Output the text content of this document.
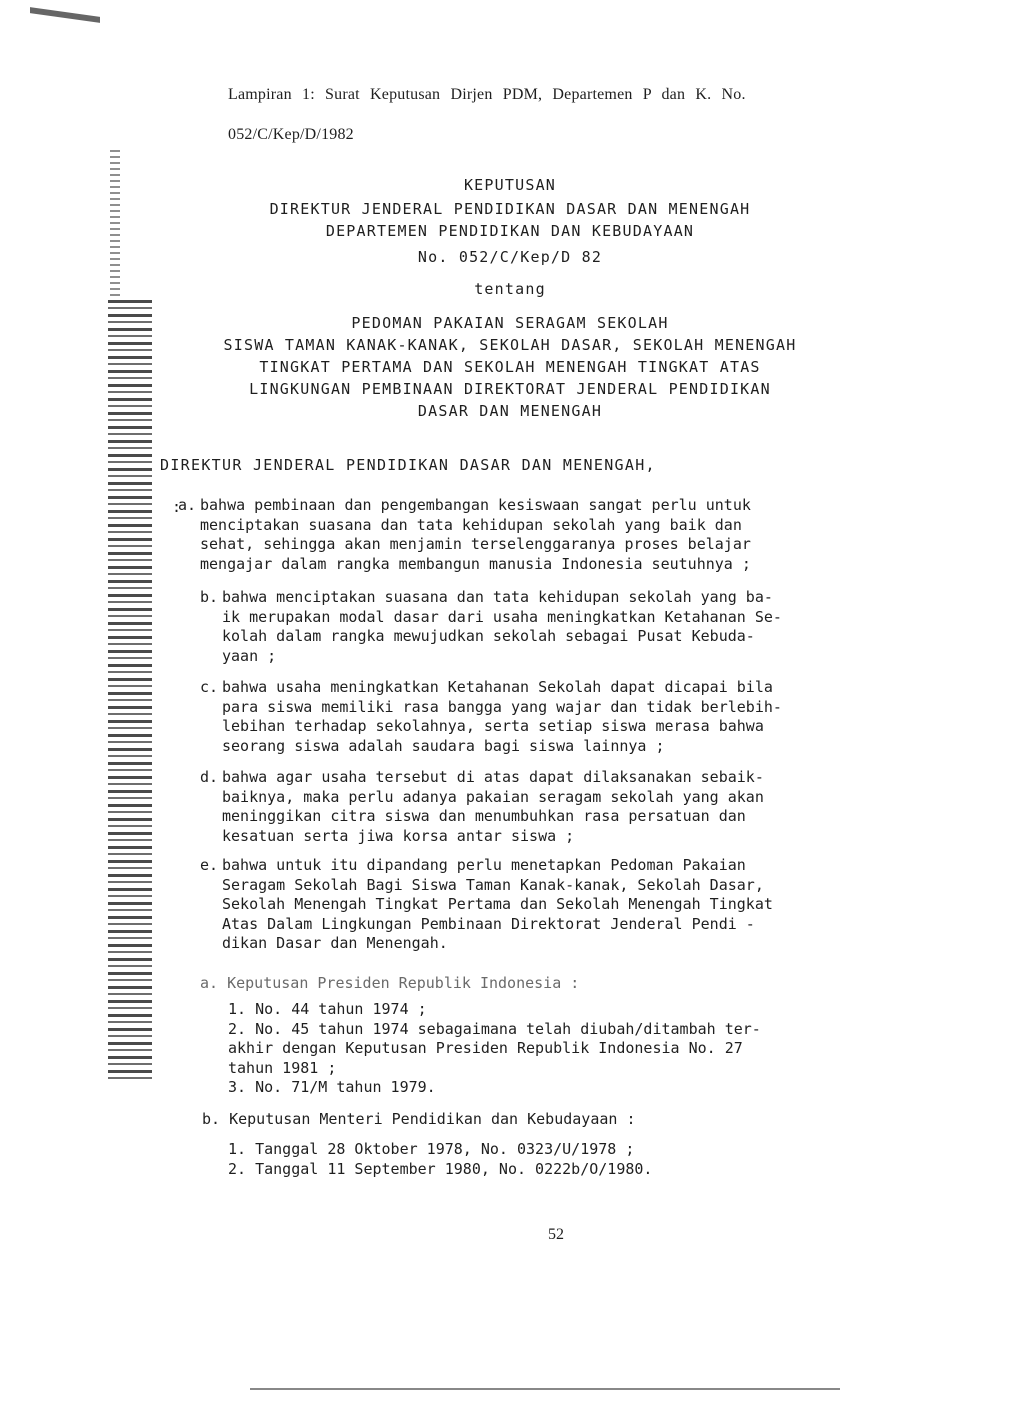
Lampiran 1: Surat Keputusan Dirjen PDM, Departemen P dan K. No.
052/C/Kep/D/1982
KEPUTUSAN
DIREKTUR JENDERAL PENDIDIKAN DASAR DAN MENENGAH
DEPARTEMEN PENDIDIKAN DAN KEBUDAYAAN
No. 052/C/Kep/D 82
tentang
PEDOMAN PAKAIAN SERAGAM SEKOLAH
SISWA TAMAN KANAK-KANAK, SEKOLAH DASAR, SEKOLAH MENENGAH
TINGKAT PERTAMA DAN SEKOLAH MENENGAH TINGKAT ATAS
LINGKUNGAN PEMBINAAN DIREKTORAT JENDERAL PENDIDIKAN
DASAR DAN MENENGAH
DIREKTUR JENDERAL PENDIDIKAN DASAR DAN MENENGAH,
:
a. bahwa pembinaan dan pengembangan kesiswaan sangat perlu untuk
menciptakan suasana dan tata kehidupan sekolah yang baik dan
sehat, sehingga akan menjamin terselenggaranya proses belajar
mengajar dalam rangka membangun manusia Indonesia seutuhnya ;
b. bahwa menciptakan suasana dan tata kehidupan sekolah yang ba-
ik merupakan modal dasar dari usaha meningkatkan Ketahanan Se-
kolah dalam rangka mewujudkan sekolah sebagai Pusat Kebuda-
yaan ;
c. bahwa usaha meningkatkan Ketahanan Sekolah dapat dicapai bila
para siswa memiliki rasa bangga yang wajar dan tidak berlebih-
lebihan terhadap sekolahnya, serta setiap siswa merasa bahwa
seorang siswa adalah saudara bagi siswa lainnya ;
d. bahwa agar usaha tersebut di atas dapat dilaksanakan sebaik-
baiknya, maka perlu adanya pakaian seragam sekolah yang akan
meninggikan citra siswa dan menumbuhkan rasa persatuan dan
kesatuan serta jiwa korsa antar siswa ;
e. bahwa untuk itu dipandang perlu menetapkan Pedoman Pakaian
Seragam Sekolah Bagi Siswa Taman Kanak-kanak, Sekolah Dasar,
Sekolah Menengah Tingkat Pertama dan Sekolah Menengah Tingkat
Atas Dalam Lingkungan Pembinaan Direktorat Jenderal Pendi -
dikan Dasar dan Menengah.
a. Keputusan Presiden Republik Indonesia :
1. No. 44 tahun 1974 ;
2. No. 45 tahun 1974 sebagaimana telah diubah/ditambah ter-
akhir dengan Keputusan Presiden Republik Indonesia No. 27
tahun 1981 ;
3. No. 71/M tahun 1979.
b. Keputusan Menteri Pendidikan dan Kebudayaan :
1. Tanggal 28 Oktober 1978, No. 0323/U/1978 ;
2. Tanggal 11 September 1980, No. 0222b/O/1980.
52
